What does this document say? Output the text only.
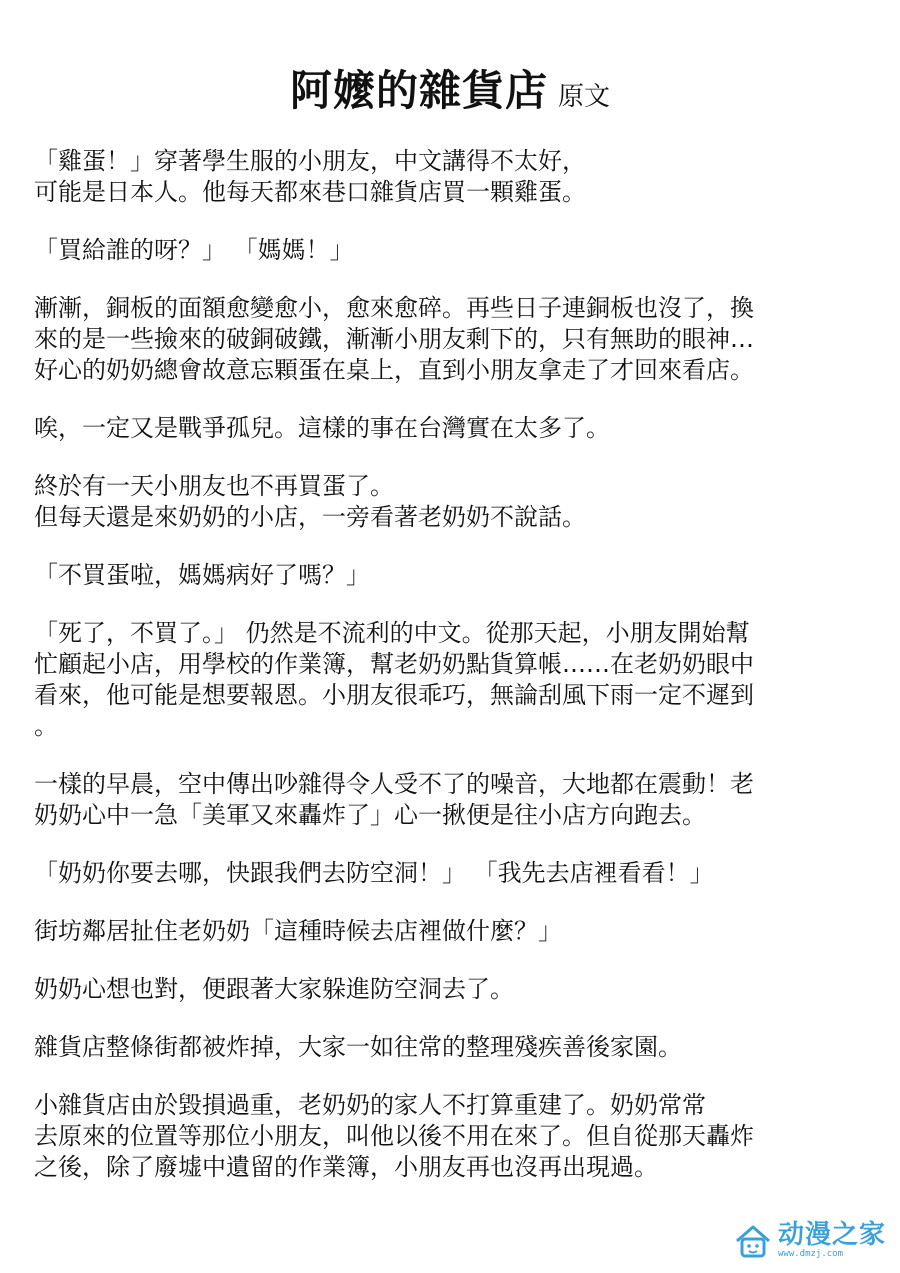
阿嬤的雜貨店 原文
「雞蛋！」穿著學生服的小朋友，中文講得不太好，
可能是日本人。他每天都來巷口雜貨店買一顆雞蛋。
「買給誰的呀？」 「媽媽！」
漸漸，銅板的面額愈變愈小，愈來愈碎。再些日子連銅板也沒了，換
來的是一些撿來的破銅破鐵，漸漸小朋友剩下的，只有無助的眼神…
好心的奶奶總會故意忘顆蛋在桌上，直到小朋友拿走了才回來看店。
唉，一定又是戰爭孤兒。這樣的事在台灣實在太多了。
終於有一天小朋友也不再買蛋了。
但每天還是來奶奶的小店，一旁看著老奶奶不說話。
「不買蛋啦，媽媽病好了嗎？」
「死了，不買了。」 仍然是不流利的中文。從那天起，小朋友開始幫
忙顧起小店，用學校的作業簿，幫老奶奶點貨算帳……在老奶奶眼中
看來，他可能是想要報恩。小朋友很乖巧，無論刮風下雨一定不遲到
。
一樣的早晨，空中傳出吵雜得令人受不了的噪音，大地都在震動！老
奶奶心中一急「美軍又來轟炸了」心一揪便是往小店方向跑去。
「奶奶你要去哪，快跟我們去防空洞！」 「我先去店裡看看！」
街坊鄰居扯住老奶奶「這種時候去店裡做什麼？」
奶奶心想也對，便跟著大家躲進防空洞去了。
雜貨店整條街都被炸掉，大家一如往常的整理殘疾善後家園。
小雜貨店由於毀損過重，老奶奶的家人不打算重建了。奶奶常常
去原來的位置等那位小朋友，叫他以後不用在來了。但自從那天轟炸
之後，除了廢墟中遺留的作業簿，小朋友再也沒再出現過。
动漫之家
www.dmzj.com
